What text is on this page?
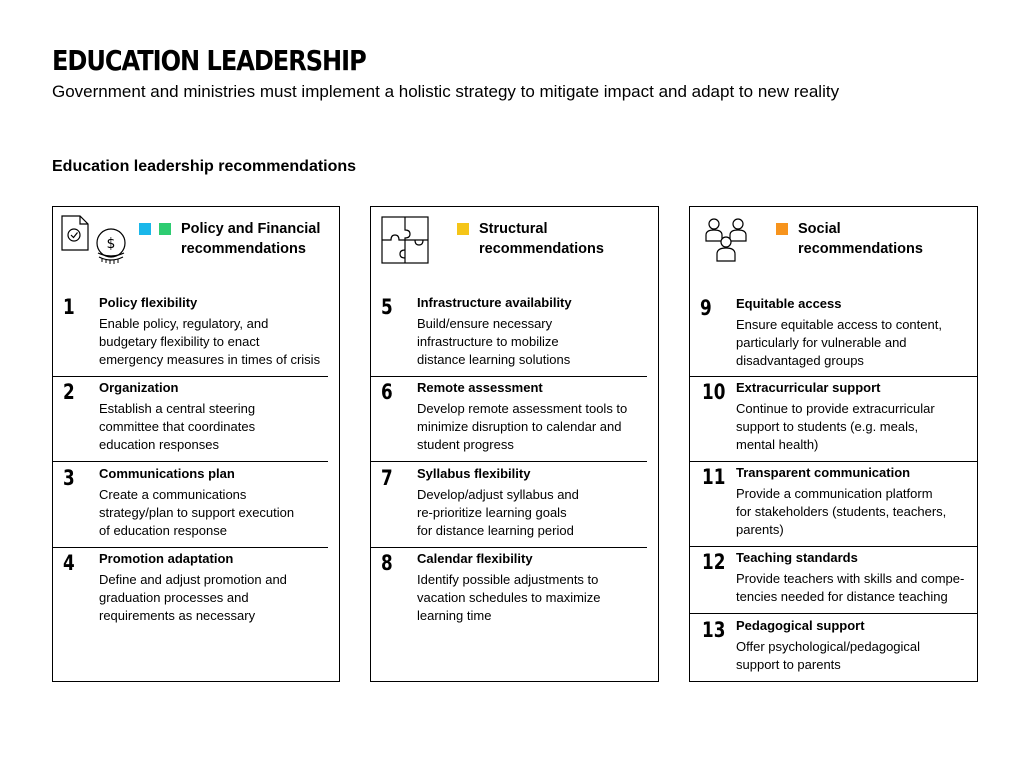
EDUCATION LEADERSHIP
Government and ministries must implement a holistic strategy to mitigate impact and adapt to new reality
Education leadership recommendations
$
Policy and Financial
recommendations
1	Policy flexibility
Enable policy, regulatory, and
budgetary flexibility to enact
emergency measures in times of crisis
2	Organization
Establish a central steering
committee that coordinates
education responses
3	Communications plan
Create a communications
strategy/plan to support execution
of education response
4	Promotion adaptation
Define and adjust promotion and
graduation processes and
requirements as necessary
Structural
recommendations
5	Infrastructure availability
Build/ensure necessary
infrastructure to mobilize
distance learning solutions
6	Remote assessment
Develop remote assessment tools to
minimize disruption to calendar and
student progress
7	Syllabus flexibility
Develop/adjust syllabus and
re-prioritize learning goals
for distance learning period
8	Calendar flexibility
Identify possible adjustments to
vacation schedules to maximize
learning time
Social
recommendations
9	Equitable access
Ensure equitable access to content,
particularly for vulnerable and
disadvantaged groups
10 Extracurricular support
Continue to provide extracurricular
support to students (e.g. meals,
mental health)
11 Transparent communication
Provide a communication platform
for stakeholders (students, teachers,
parents)
12 Teaching standards
Provide teachers with skills and compe-
tencies needed for distance teaching
13 Pedagogical support
Offer psychological/pedagogical
support to parents
